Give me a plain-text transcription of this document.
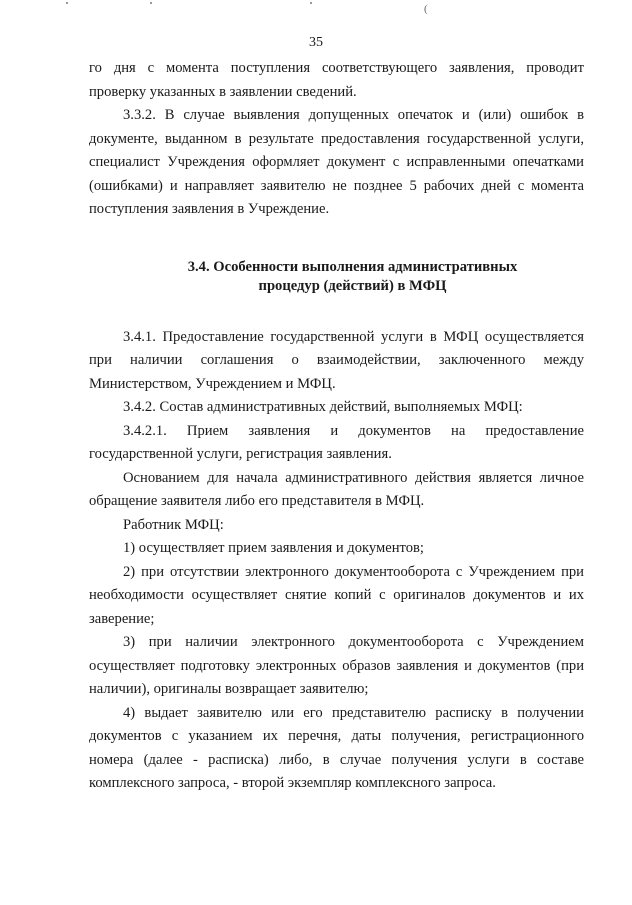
(
35

го дня с момента поступления соответствующего заявления, проводит проверку указанных в заявлении сведений.

3.3.2. В случае выявления допущенных опечаток и (или) ошибок в документе, выданном в результате предоставления государственной услуги, специалист Учреждения оформляет документ с исправленными опечатками (ошибками) и направляет заявителю не позднее 5 рабочих дней с момента поступления заявления в Учреждение.

3.4. Особенности выполнения административных
процедур (действий) в МФЦ

3.4.1. Предоставление государственной услуги в МФЦ осуществляется при наличии соглашения о взаимодействии, заключенного между Министерством, Учреждением и МФЦ.

3.4.2. Состав административных действий, выполняемых МФЦ:

3.4.2.1. Прием заявления и документов на предоставление государственной услуги, регистрация заявления.

Основанием для начала административного действия является личное обращение заявителя либо его представителя в МФЦ.

Работник МФЦ:

1) осуществляет прием заявления и документов;

2) при отсутствии электронного документооборота с Учреждением при необходимости осуществляет снятие копий с оригиналов документов и их заверение;

3) при наличии электронного документооборота с Учреждением осуществляет подготовку электронных образов заявления и документов (при наличии), оригиналы возвращает заявителю;

4) выдает заявителю или его представителю расписку в получении документов с указанием их перечня, даты получения, регистрационного номера (далее - расписка) либо, в случае получения услуги в составе комплексного запроса, - второй экземпляр комплексного запроса.
